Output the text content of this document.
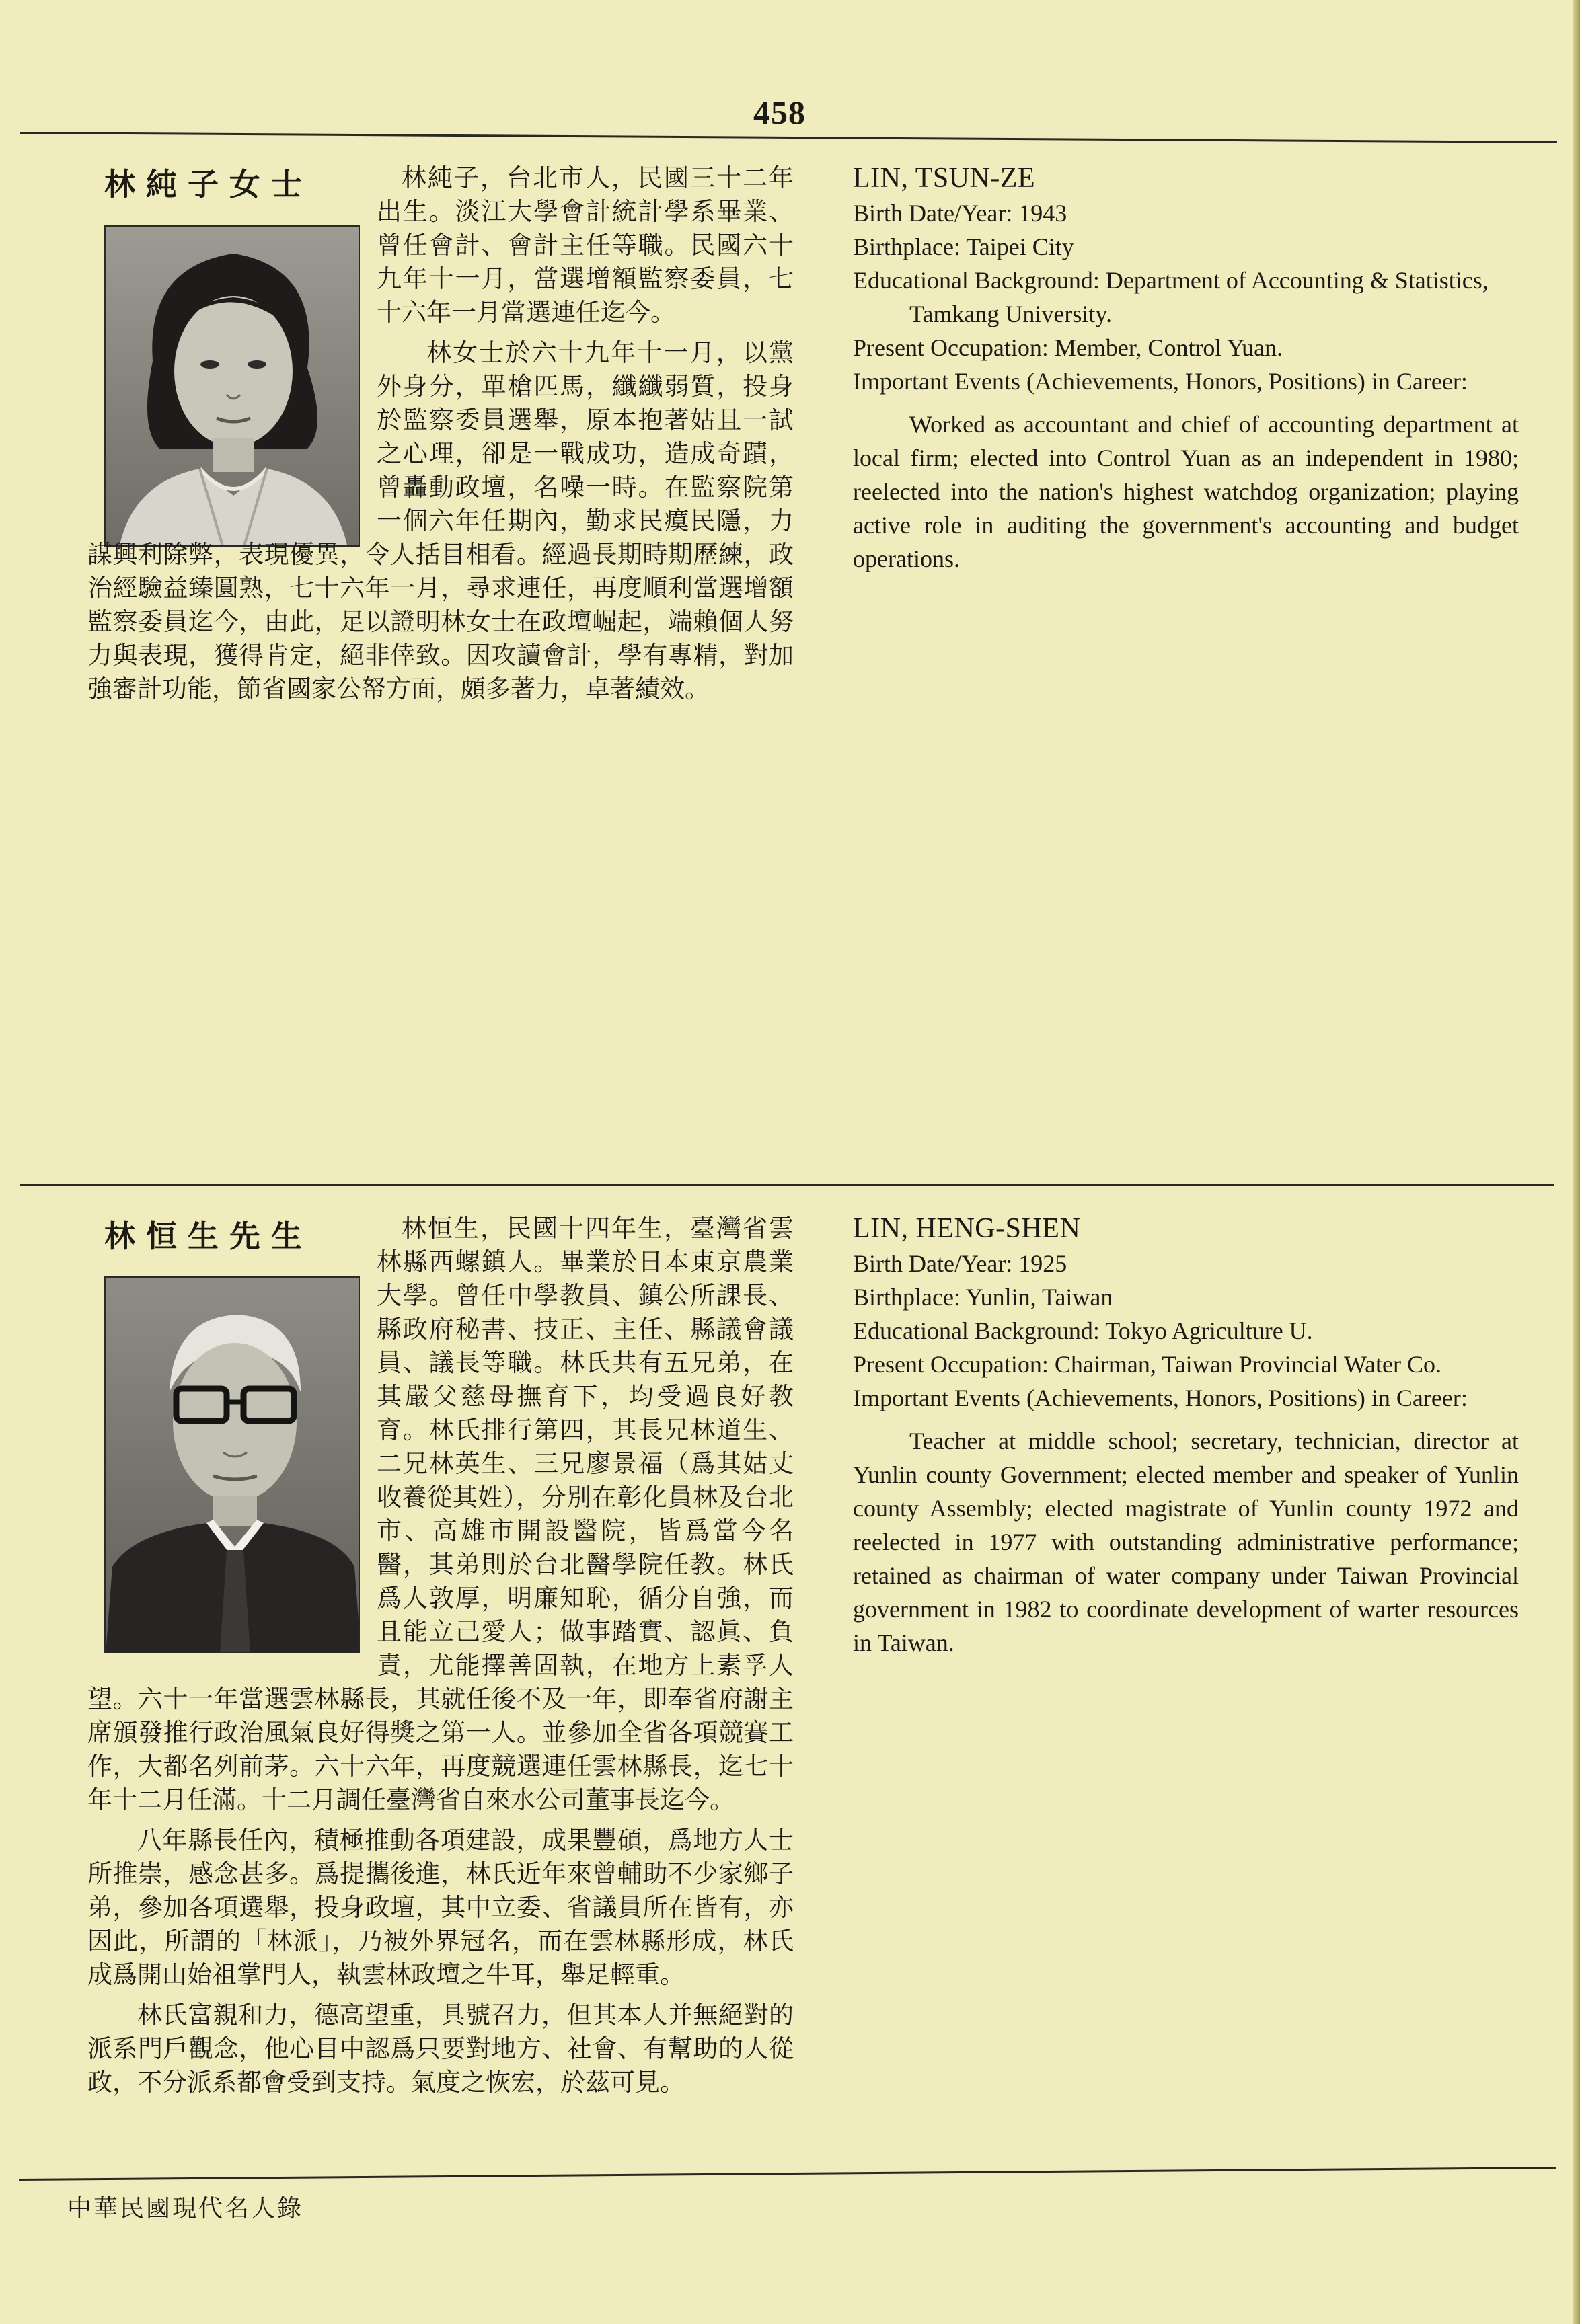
458
林純子女士	林純子，台北市人，民國三十二年出生。淡江大學會計統計學系畢業、曾任會計、會計主任等職。民國六十九年十一月，當選增額監察委員，七十六年一月當選連任迄今。

林女士於六十九年十一月，以黨外身分，單槍匹馬，纖纖弱質，投身於監察委員選舉，原本抱著姑且一試之心理，卻是一戰成功，造成奇蹟，曾轟動政壇，名噪一時。在監察院第一個六年任期內，勤求民瘼民隱，力謀興利除弊，表現優異，令人括目相看。經過長期時期歷練，政治經驗益臻圓熟，七十六年一月，尋求連任，再度順利當選增額監察委員迄今，由此，足以證明林女士在政壇崛起，端賴個人努力與表現，獲得肯定，絕非倖致。因攻讀會計，學有專精，對加強審計功能，節省國家公帑方面，頗多著力，卓著績效。

LIN, TSUN-ZE

Birth Date/Year: 1943

Birthplace: Taipei City

Educational Background: Department of Accounting & Statistics, Tamkang University.

Present Occupation: Member, Control Yuan.

Important Events (Achievements, Honors, Positions) in Career:

Worked as accountant and chief of accounting department at local firm; elected into Control Yuan as an independent in 1980; reelected into the nation's highest watchdog organization; playing active role in auditing the government's accounting and budget operations.

林恒生先生	林恒生，民國十四年生，臺灣省雲林縣西螺鎮人。畢業於日本東京農業大學。曾任中學教員、鎮公所課長、縣政府秘書、技正、主任、縣議會議員、議長等職。林氏共有五兄弟，在其嚴父慈母撫育下，均受過良好教育。林氏排行第四，其長兄林道生、二兄林英生、三兄廖景福（爲其姑丈收養從其姓），分別在彰化員林及台北市、高雄市開設醫院，皆爲當今名醫，其弟則於台北醫學院任教。林氏爲人敦厚，明廉知恥，循分自強，而且能立己愛人；做事踏實、認眞、負責，尤能擇善固執，在地方上素孚人望。六十一年當選雲林縣長，其就任後不及一年，即奉省府謝主席頒發推行政治風氣良好得獎之第一人。並參加全省各項競賽工作，大都名列前茅。六十六年，再度競選連任雲林縣長，迄七十年十二月任滿。十二月調任臺灣省自來水公司董事長迄今。

八年縣長任內，積極推動各項建設，成果豐碩，爲地方人士所推崇，感念甚多。爲提攜後進，林氏近年來曾輔助不少家鄉子弟，參加各項選舉，投身政壇，其中立委、省議員所在皆有，亦因此，所謂的「林派」，乃被外界冠名，而在雲林縣形成，林氏成爲開山始祖掌門人，執雲林政壇之牛耳，舉足輕重。

林氏富親和力，德高望重，具號召力，但其本人并無絕對的派系門戶觀念，他心目中認爲只要對地方、社會、有幫助的人從政，不分派系都會受到支持。氣度之恢宏，於茲可見。

LIN, HENG-SHEN

Birth Date/Year: 1925

Birthplace: Yunlin, Taiwan

Educational Background: Tokyo Agriculture U.

Present Occupation: Chairman, Taiwan Provincial Water Co.

Important Events (Achievements, Honors, Positions) in Career:

Teacher at middle school; secretary, technician, director at Yunlin county Government; elected member and speaker of Yunlin county Assembly; elected magistrate of Yunlin county 1972 and reelected in 1977 with outstanding administrative performance; retained as chairman of water company under Taiwan Provincial government in 1982 to coordinate development of warter resources in Taiwan.

中華民國現代名人錄
